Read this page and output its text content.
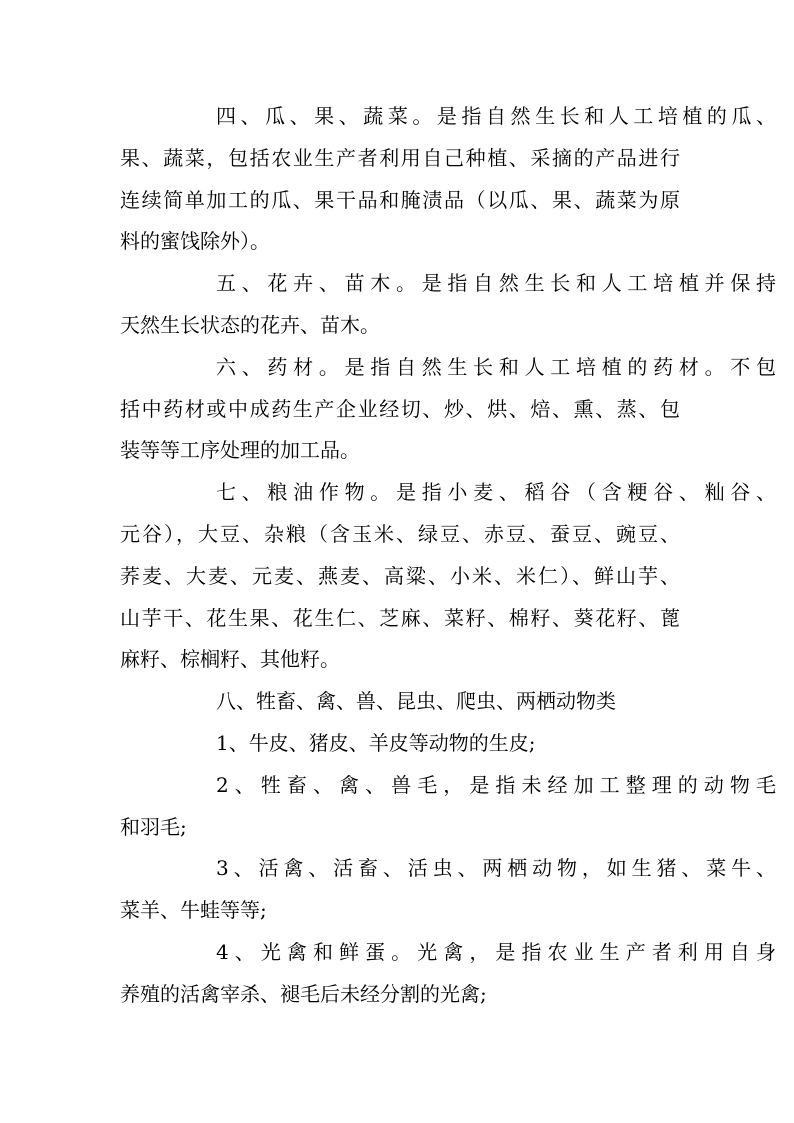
四、瓜、果、蔬菜。是指自然生长和人工培植的瓜、
果、蔬菜，包括农业生产者利用自己种植、采摘的产品进行
连续简单加工的瓜、果干品和腌渍品（以瓜、果、蔬菜为原
料的蜜饯除外）。
五、花卉、苗木。是指自然生长和人工培植并保持
天然生长状态的花卉、苗木。
六、药材。是指自然生长和人工培植的药材。不包
括中药材或中成药生产企业经切、炒、烘、焙、熏、蒸、包
装等等工序处理的加工品。
七、粮油作物。是指小麦、稻谷（含粳谷、籼谷、
元谷），大豆、杂粮（含玉米、绿豆、赤豆、蚕豆、豌豆、
荞麦、大麦、元麦、燕麦、高粱、小米、米仁）、鲜山芋、
山芋干、花生果、花生仁、芝麻、菜籽、棉籽、葵花籽、蓖
麻籽、棕榈籽、其他籽。
八、牲畜、禽、兽、昆虫、爬虫、两栖动物类
1、牛皮、猪皮、羊皮等动物的生皮;
2、牲畜、禽、兽毛，是指未经加工整理的动物毛
和羽毛;
3、活禽、活畜、活虫、两栖动物，如生猪、菜牛、
菜羊、牛蛙等等;
4、光禽和鲜蛋。光禽，是指农业生产者利用自身
养殖的活禽宰杀、褪毛后未经分割的光禽;
